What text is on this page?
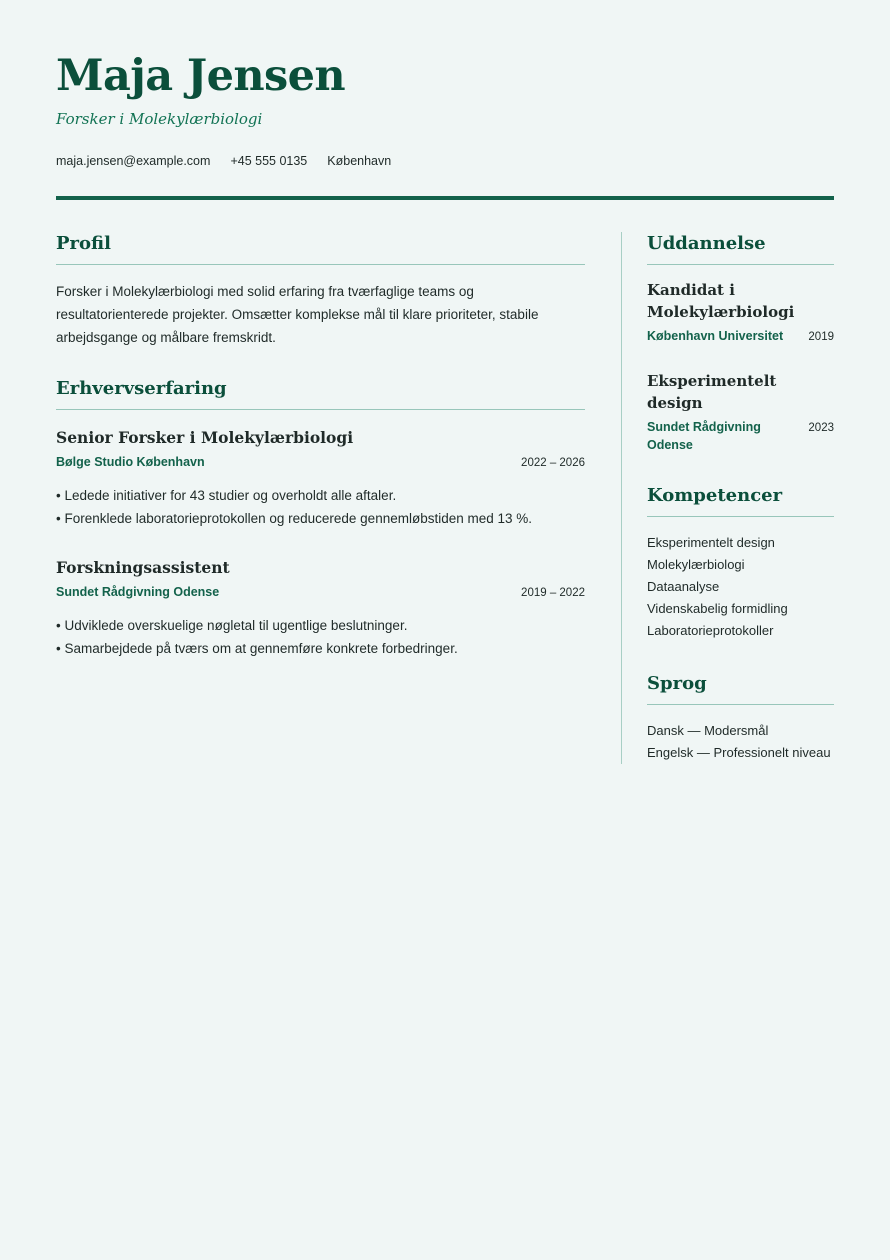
Maja Jensen
Forsker i Molekylærbiologi
maja.jensen@example.com +45 555 0135 København
Profil
Forsker i Molekylærbiologi med solid erfaring fra tværfaglige teams og resultatorienterede projekter. Omsætter komplekse mål til klare prioriteter, stabile arbejdsgange og målbare fremskridt.
Erhvervserfaring
Senior Forsker i Molekylærbiologi
Bølge Studio København	2022 – 2026
• Ledede initiativer for 43 studier og overholdt alle aftaler.
• Forenklede laboratorieprotokollen og reducerede gennemløbstiden med 13 %.
Forskningsassistent
Sundet Rådgivning Odense	2019 – 2022
• Udviklede overskuelige nøgletal til ugentlige beslutninger.
• Samarbejdede på tværs om at gennemføre konkrete forbedringer.
Uddannelse
Kandidat i Molekylærbiologi
København Universitet 2019
Eksperimentelt design
Sundet Rådgivning Odense
2023
Kompetencer
Eksperimentelt design
Molekylærbiologi
Dataanalyse
Videnskabelig formidling
Laboratorieprotokoller
Sprog
Dansk — Modersmål
Engelsk — Professionelt niveau
